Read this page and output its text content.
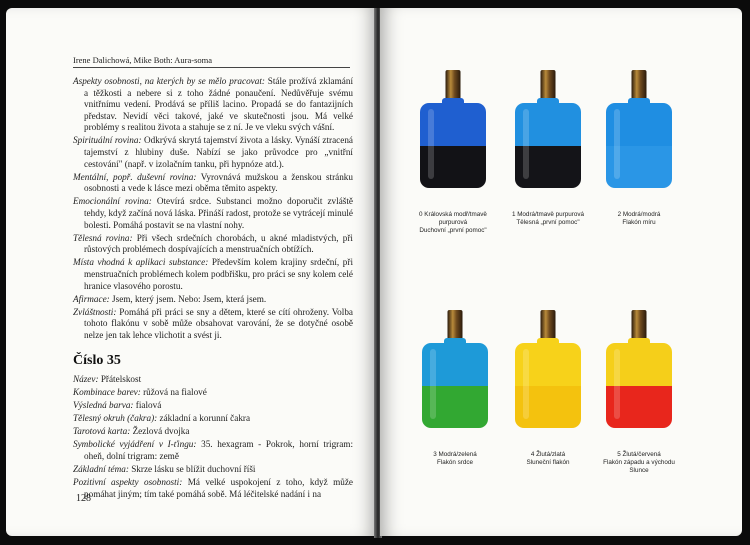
Irene Dalichowá, Mike Both: Aura-soma

Aspekty osobnosti, na kterých by se mělo pracovat: Stále prožívá zklamání a těžkosti a nebere si z toho žádné ponaučení. Nedůvěřuje svému vnitřnímu vedení. Prodává se příliš lacino. Propadá se do fantazijních představ. Nevidí věci takové, jaké ve skutečnosti jsou. Má velké problémy s realitou života a stahuje se z ní. Je ve vleku svých vášní.

Spirituální rovina: Odkrývá skrytá tajemství života a lásky. Vynáší ztracená tajemství z hlubiny duše. Nabízí se jako průvodce pro „vnitřní cestování" (např. v izolačním tanku, při hypnóze atd.).

Mentální, popř. duševní rovina: Vyrovnává mužskou a ženskou stránku osobnosti a vede k lásce mezi oběma těmito aspekty.

Emocionální rovina: Otevírá srdce. Substanci možno doporučit zvláště tehdy, když začíná nová láska. Přináší radost, protože se vytrácejí minulé bolesti. Pomáhá postavit se na vlastní nohy.

Tělesná rovina: Při všech srdečních chorobách, u akné mladistvých, při růstových problémech dospívajících a menstruačních obtížích.

Místa vhodná k aplikaci substance: Především kolem krajiny srdeční, při menstruačních problémech kolem podbřišku, pro práci se sny kolem celé hranice vlasového porostu.

Afirmace: Jsem, který jsem. Nebo: Jsem, která jsem.

Zvláštnosti: Pomáhá při práci se sny a dětem, které se cítí ohroženy. Volba tohoto flakónu v sobě může obsahovat varování, že se dotyčné osobě nelze jen tak lehce vlichotit a svést ji.

Číslo 35

Název: Přátelskost

Kombinace barev: růžová na fialové

Výsledná barva: fialová

Tělesný okruh (čakra): základní a korunní čakra

Tarotová karta: Žezlová dvojka

Symbolické vyjádření v I-ťingu: 35. hexagram - Pokrok, horní trigram: oheň, dolní trigram: země

Základní téma: Skrze lásku se blížit duchovní říši

Pozitivní aspekty osobnosti: Má velké uspokojení z toho, když může pomáhat jiným; tím také pomáhá sobě. Má léčitelské nadání i na

128
0 Královská modř/tmavě
purpurová
Duchovní „první pomoc"
1 Modrá/tmavě purpurová
Tělesná „první pomoc"
2 Modrá/modrá
Flakón míru
3 Modrá/zelená
Flakón srdce
4 Žlutá/zlatá
Sluneční flakón
5 Žlutá/červená
Flakón západu a východu
Slunce
